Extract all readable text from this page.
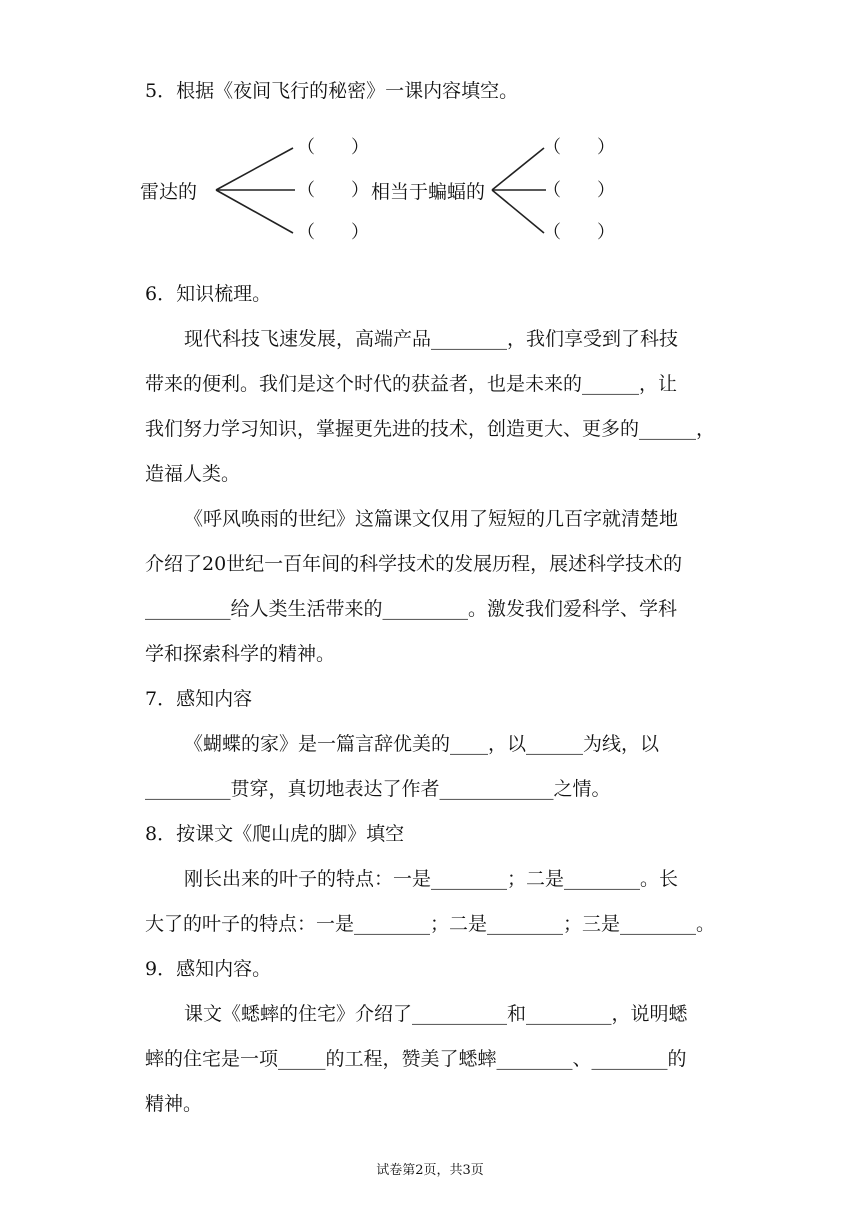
5．根据《夜间飞行的秘密》一课内容填空。
雷达的
（　　）
（　　）
（　　）
相当于蝙蝠的
（　　）
（　　）
（　　）
6．知识梳理。
现代科技飞速发展，高端产品________，我们享受到了科技
带来的便利。我们是这个时代的获益者，也是未来的______，让
我们努力学习知识，掌握更先进的技术，创造更大、更多的______，
造福人类。
《呼风唤雨的世纪》这篇课文仅用了短短的几百字就清楚地
介绍了20世纪一百年间的科学技术的发展历程，展述科学技术的
_________给人类生活带来的_________。激发我们爱科学、学科
学和探索科学的精神。
7．感知内容
《蝴蝶的家》是一篇言辞优美的____，以______为线，以
_________贯穿，真切地表达了作者____________之情。
8．按课文《爬山虎的脚》填空
刚长出来的叶子的特点：一是________；二是________。长
大了的叶子的特点：一是________；二是________；三是________。
9．感知内容。
课文《蟋蟀的住宅》介绍了__________和_________，说明蟋
蟀的住宅是一项_____的工程，赞美了蟋蟀________、________的
精神。
试卷第2页，共3页
